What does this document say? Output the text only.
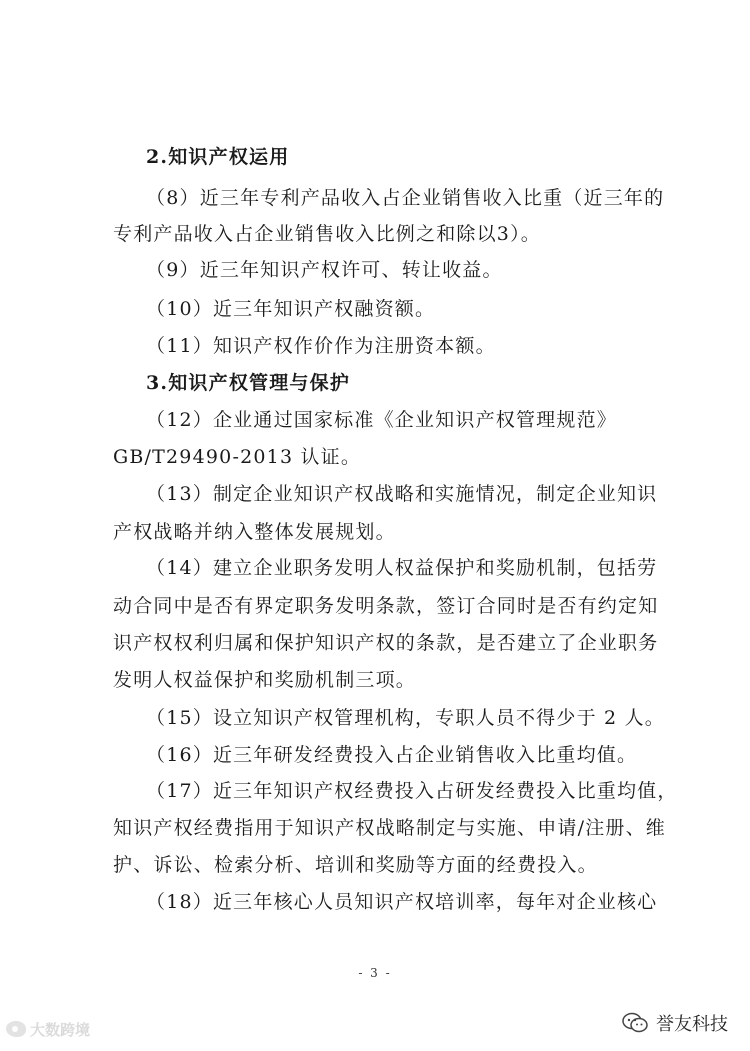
2.知识产权运用
（8）近三年专利产品收入占企业销售收入比重（近三年的
专利产品收入占企业销售收入比例之和除以3）。
（9）近三年知识产权许可、转让收益。
（10）近三年知识产权融资额。
（11）知识产权作价作为注册资本额。
3.知识产权管理与保护
（12）企业通过国家标准《企业知识产权管理规范》
GB/T29490-2013 认证。
（13）制定企业知识产权战略和实施情况，制定企业知识
产权战略并纳入整体发展规划。
（14）建立企业职务发明人权益保护和奖励机制，包括劳
动合同中是否有界定职务发明条款，签订合同时是否有约定知
识产权权利归属和保护知识产权的条款，是否建立了企业职务
发明人权益保护和奖励机制三项。
（15）设立知识产权管理机构，专职人员不得少于 2 人。
（16）近三年研发经费投入占企业销售收入比重均值。
（17）近三年知识产权经费投入占研发经费投入比重均值，
知识产权经费指用于知识产权战略制定与实施、申请/注册、维
护、诉讼、检索分析、培训和奖励等方面的经费投入。
（18）近三年核心人员知识产权培训率，每年对企业核心
- 3 -
大数跨境	誉友科技
